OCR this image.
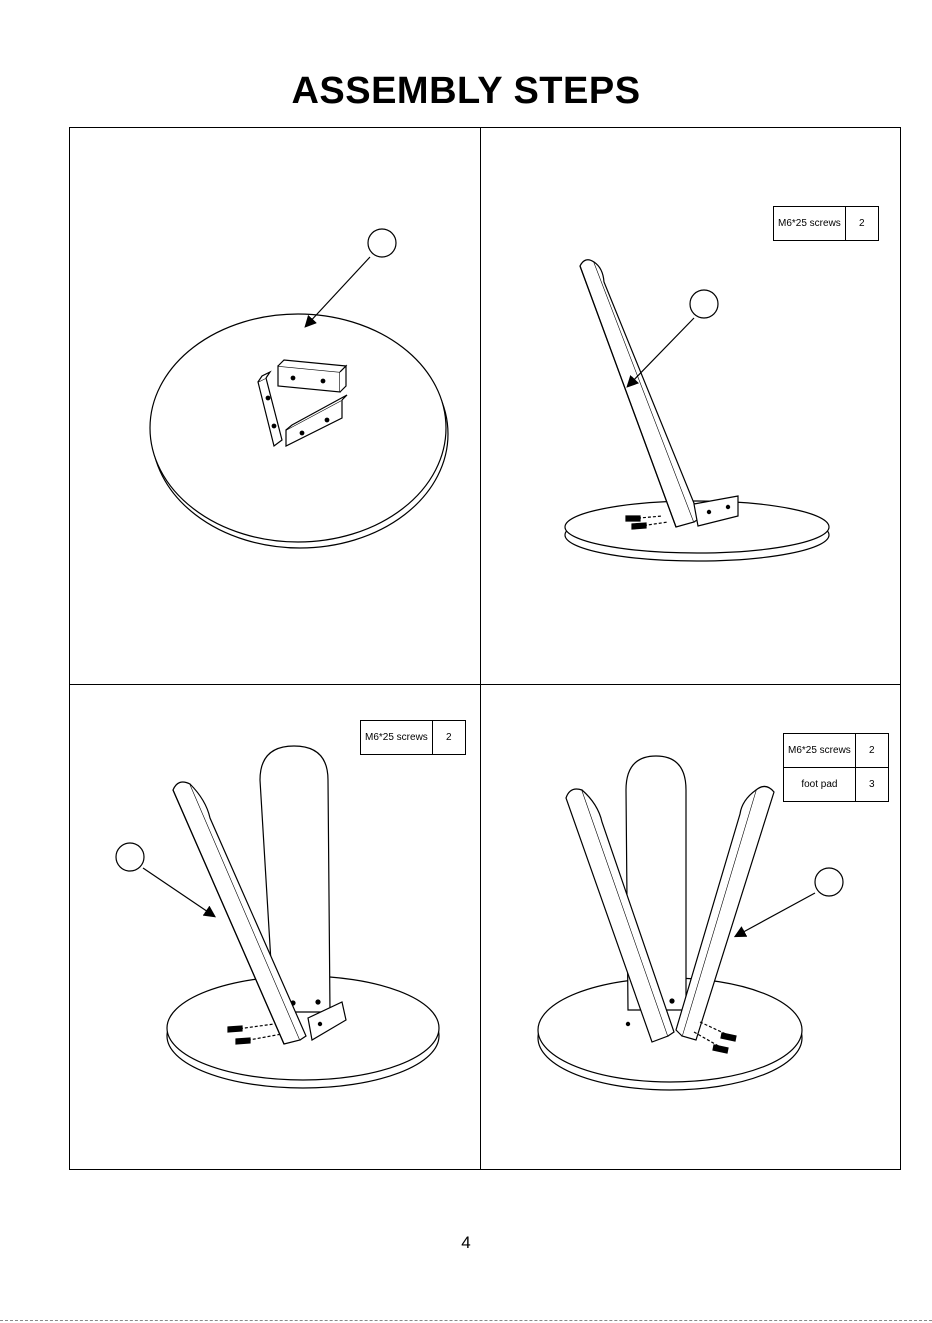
ASSEMBLY STEPS
M6*25 screws	2
M6*25 screws	2
M6*25 screws	2
foot pad	3
4
